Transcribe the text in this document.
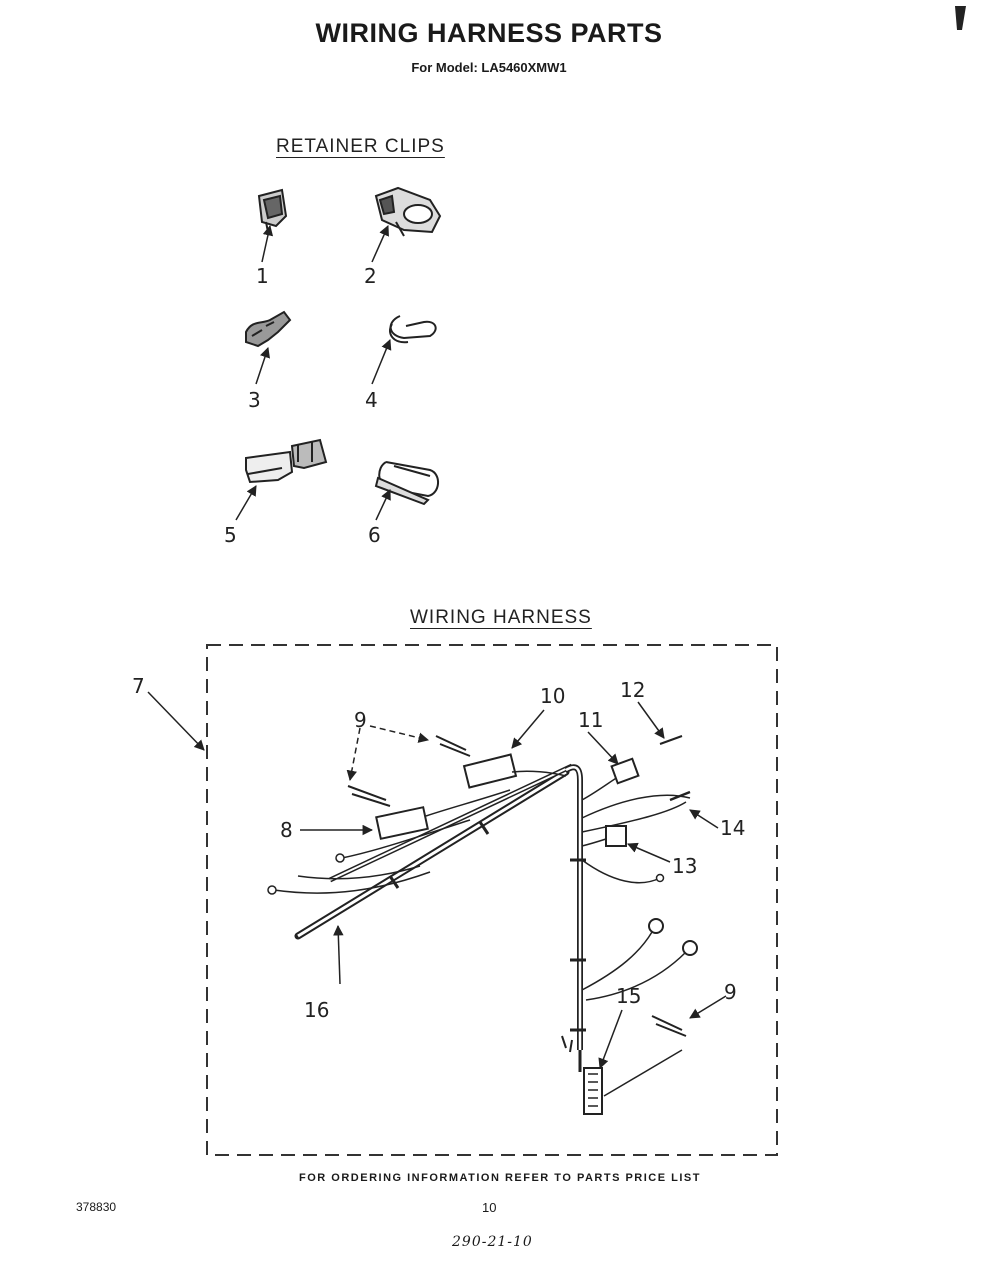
WIRING HARNESS PARTS
For Model: LA5460XMW1
RETAINER CLIPS
WIRING HARNESS
1	2
3	4
5	6
7
8
9
9
10
11
12
13
14
15
16
FOR ORDERING INFORMATION REFER TO PARTS PRICE LIST
378830	10
290-21-10
